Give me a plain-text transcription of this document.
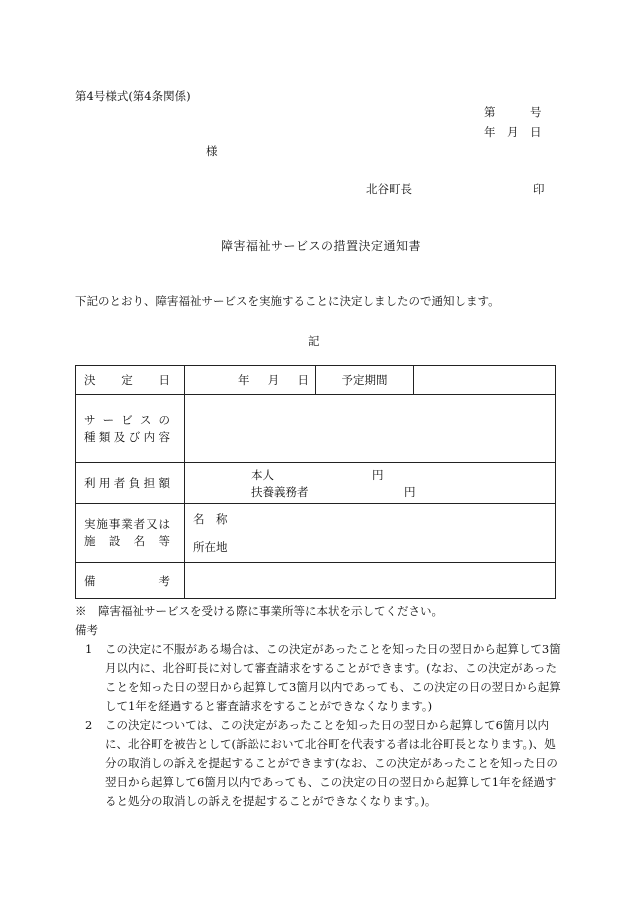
第4号様式(第4条関係)
第　　　号
年　月　日
様
北谷町長	印
障害福祉サービスの措置決定通知書
下記のとおり、障害福祉サービスを実施することに決定しましたので通知します。
記
決 定 日	年 月 日	予定期間	

サービスの
種類及び内容			

利用者負担額	本人 円
扶養義務者 円		

実施事業者又は
施設名等	名　称
所在地		

備 考			

※　障害福祉サービスを受ける際に事業所等に本状を示してください。
備考
1	この決定に不服がある場合は、この決定があったことを知った日の翌日から起算して3箇月以内に、北谷町長に対して審査請求をすることができます。(なお、この決定があったことを知った日の翌日から起算して3箇月以内であっても、この決定の日の翌日から起算して1年を経過すると審査請求をすることができなくなります。)
2	この決定については、この決定があったことを知った日の翌日から起算して6箇月以内に、北谷町を被告として(訴訟において北谷町を代表する者は北谷町長となります。)、処分の取消しの訴えを提起することができます(なお、この決定があったことを知った日の翌日から起算して6箇月以内であっても、この決定の日の翌日から起算して1年を経過すると処分の取消しの訴えを提起することができなくなります。)。
